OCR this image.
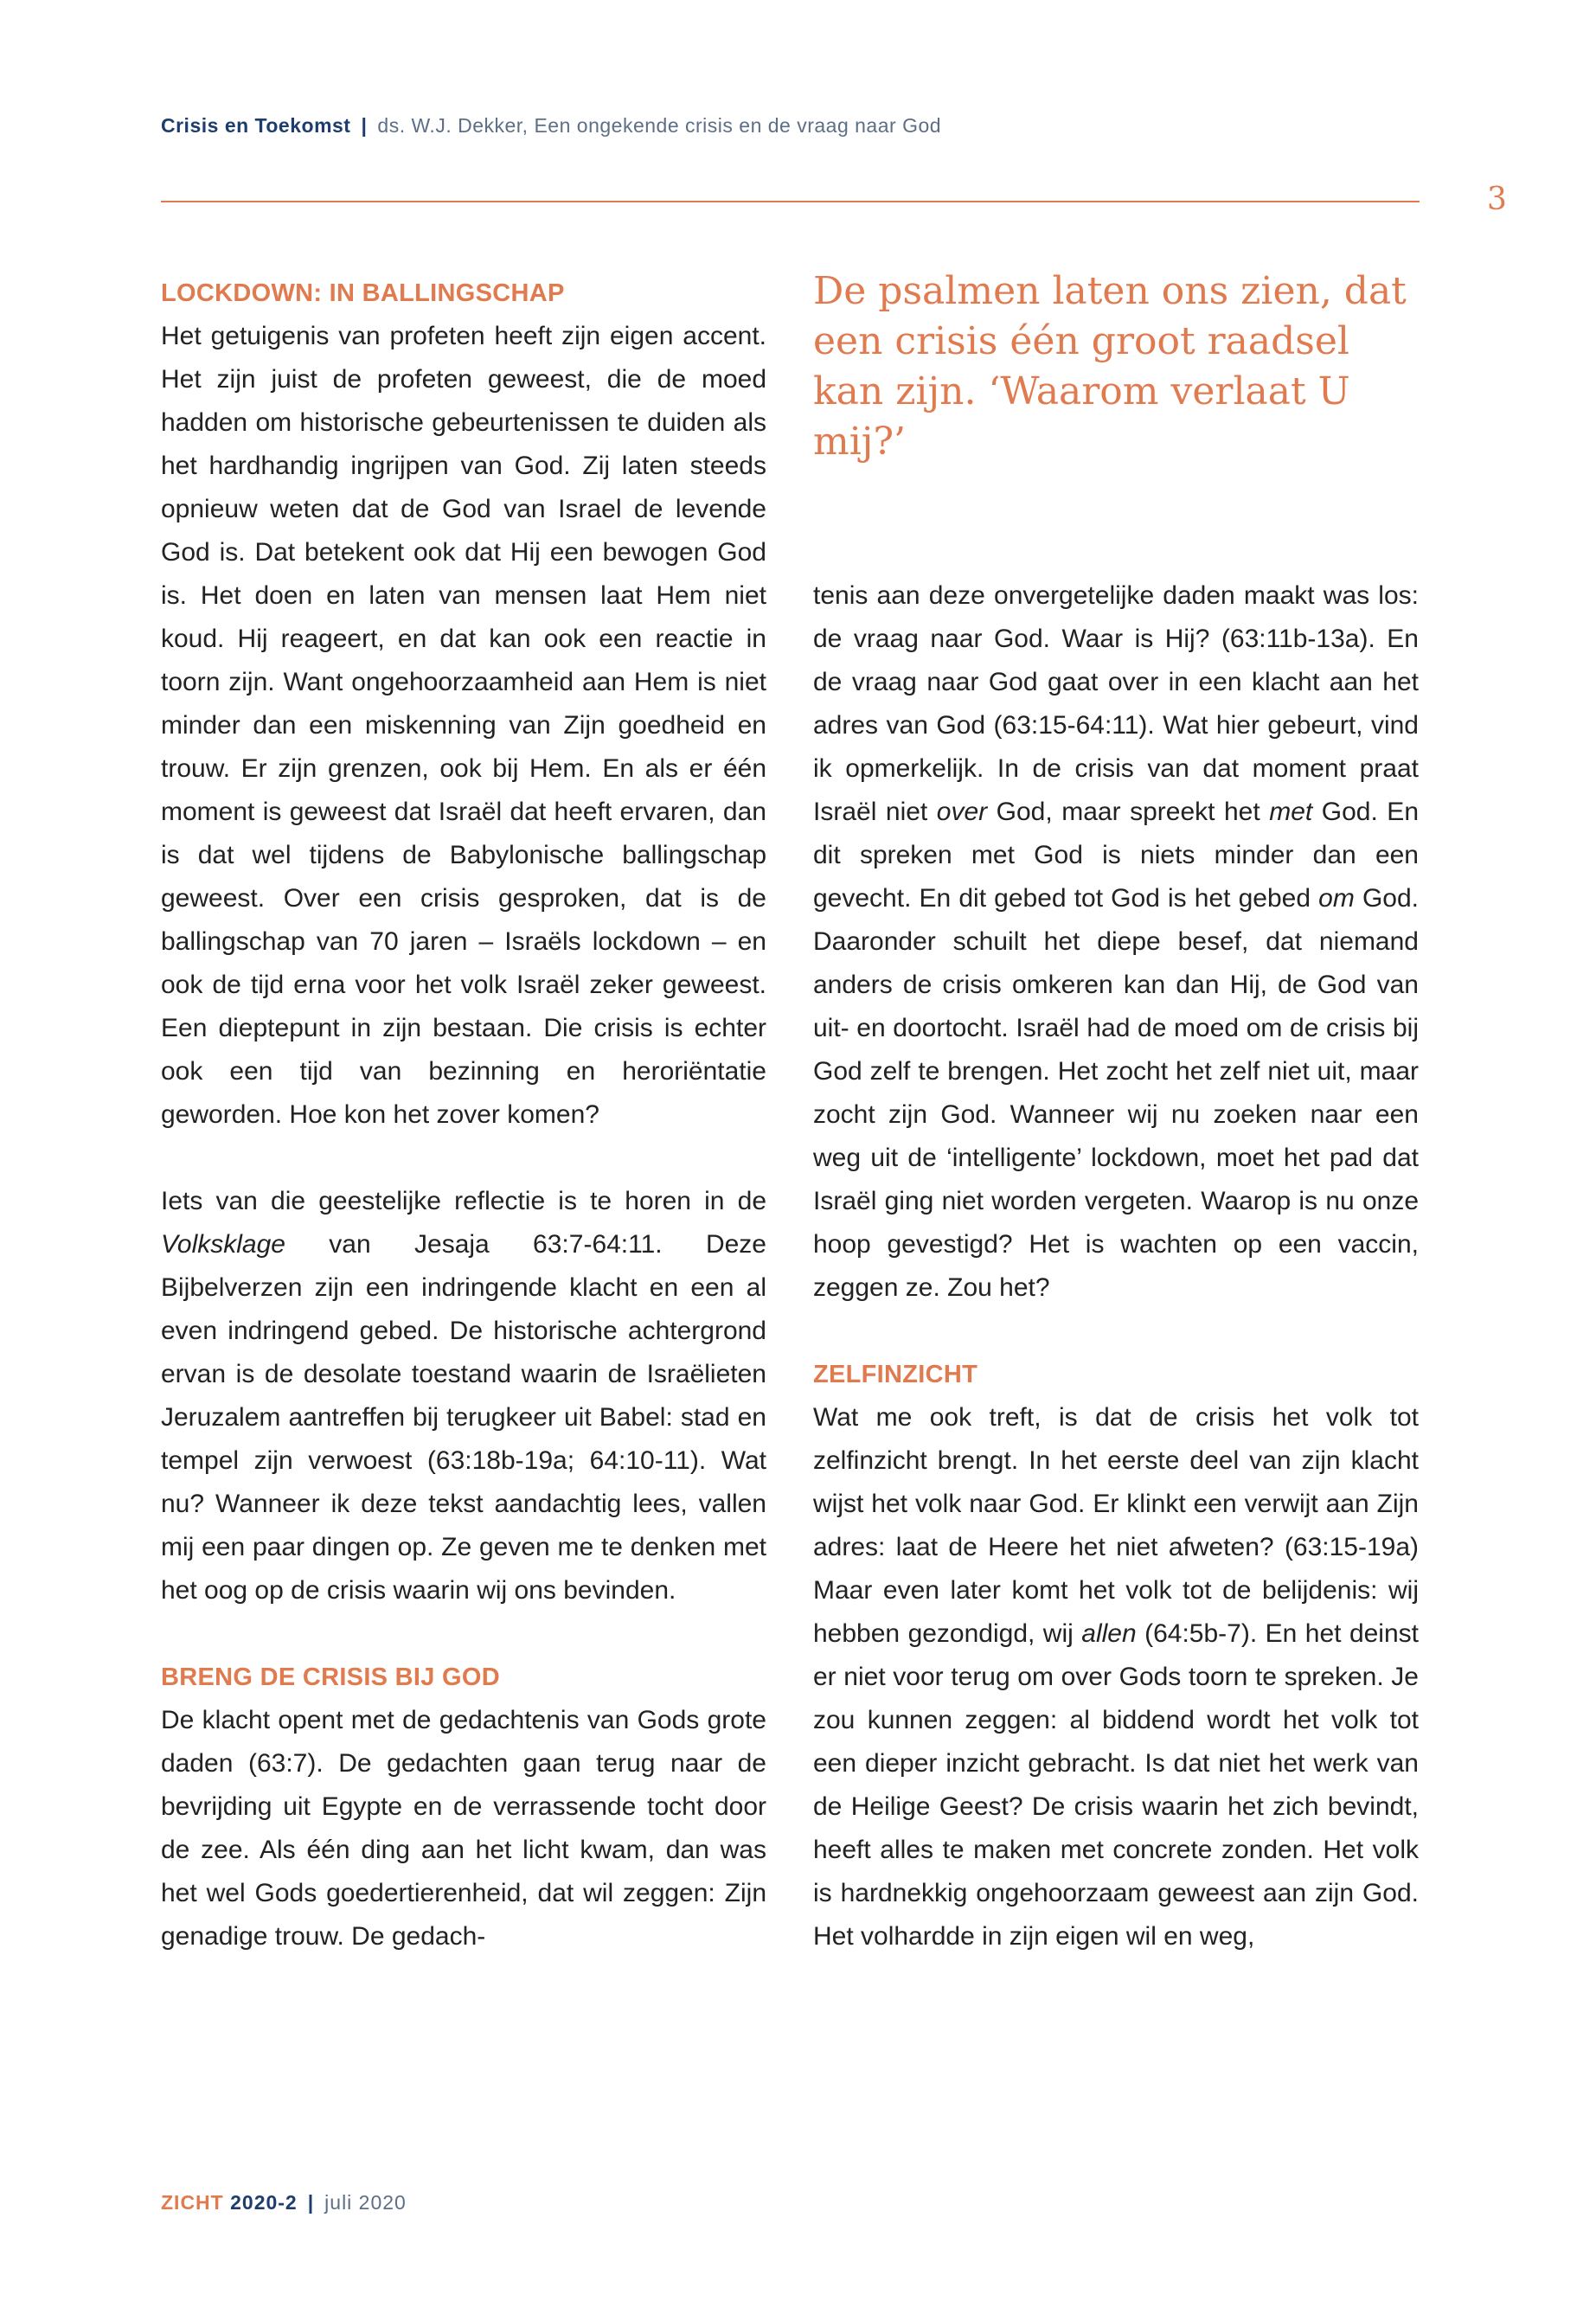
Crisis en Toekomst | ds. W.J. Dekker, Een ongekende crisis en de vraag naar God
3
LOCKDOWN: IN BALLINGSCHAP

Het getuigenis van profeten heeft zijn eigen accent. Het zijn juist de profeten geweest, die de moed hadden om historische gebeurtenissen te duiden als het hardhandig ingrijpen van God. Zij laten steeds opnieuw weten dat de God van Israel de levende God is. Dat betekent ook dat Hij een bewogen God is. Het doen en laten van mensen laat Hem niet koud. Hij reageert, en dat kan ook een reactie in toorn zijn. Want ongehoorzaamheid aan Hem is niet minder dan een miskenning van Zijn goedheid en trouw. Er zijn grenzen, ook bij Hem. En als er één moment is geweest dat Israël dat heeft ervaren, dan is dat wel tijdens de Babylonische ballingschap geweest. Over een crisis gesproken, dat is de ballingschap van 70 jaren – Israëls lockdown – en ook de tijd erna voor het volk Israël zeker geweest. Een dieptepunt in zijn bestaan. Die crisis is echter ook een tijd van bezinning en heroriëntatie geworden. Hoe kon het zover komen?

Iets van die geestelijke reflectie is te horen in de Volksklage van Jesaja 63:7-64:11. Deze Bijbelverzen zijn een indringende klacht en een al even indringend gebed. De historische achtergrond ervan is de desolate toestand waarin de Israëlieten Jeruzalem aantreffen bij terugkeer uit Babel: stad en tempel zijn verwoest (63:18b-19a; 64:10-11). Wat nu? Wanneer ik deze tekst aandachtig lees, vallen mij een paar dingen op. Ze geven me te denken met het oog op de crisis waarin wij ons bevinden.

BRENG DE CRISIS BIJ GOD

De klacht opent met de gedachtenis van Gods grote daden (63:7). De gedachten gaan terug naar de bevrijding uit Egypte en de verrassende tocht door de zee. Als één ding aan het licht kwam, dan was het wel Gods goedertierenheid, dat wil zeggen: Zijn genadige trouw. De gedach-

De psalmen laten ons zien, dat een crisis één groot raadsel kan zijn. ‘Waarom verlaat U mij?’

tenis aan deze onvergetelijke daden maakt was los: de vraag naar God. Waar is Hij? (63:11b-13a). En de vraag naar God gaat over in een klacht aan het adres van God (63:15-64:11). Wat hier gebeurt, vind ik opmerkelijk. In de crisis van dat moment praat Israël niet over God, maar spreekt het met God. En dit spreken met God is niets minder dan een gevecht. En dit gebed tot God is het gebed om God. Daaronder schuilt het diepe besef, dat niemand anders de crisis omkeren kan dan Hij, de God van uit- en doortocht. Israël had de moed om de crisis bij God zelf te brengen. Het zocht het zelf niet uit, maar zocht zijn God. Wanneer wij nu zoeken naar een weg uit de ‘intelligente’ lockdown, moet het pad dat Israël ging niet worden vergeten. Waarop is nu onze hoop gevestigd? Het is wachten op een vaccin, zeggen ze. Zou het?

ZELFINZICHT

Wat me ook treft, is dat de crisis het volk tot zelfinzicht brengt. In het eerste deel van zijn klacht wijst het volk naar God. Er klinkt een verwijt aan Zijn adres: laat de Heere het niet afweten? (63:15-19a) Maar even later komt het volk tot de belijdenis: wij hebben gezondigd, wij allen (64:5b-7). En het deinst er niet voor terug om over Gods toorn te spreken. Je zou kunnen zeggen: al biddend wordt het volk tot een dieper inzicht gebracht. Is dat niet het werk van de Heilige Geest? De crisis waarin het zich bevindt, heeft alles te maken met concrete zonden. Het volk is hardnekkig ongehoorzaam geweest aan zijn God. Het volhardde in zijn eigen wil en weg,

ZICHT 2020-2 | juli 2020
